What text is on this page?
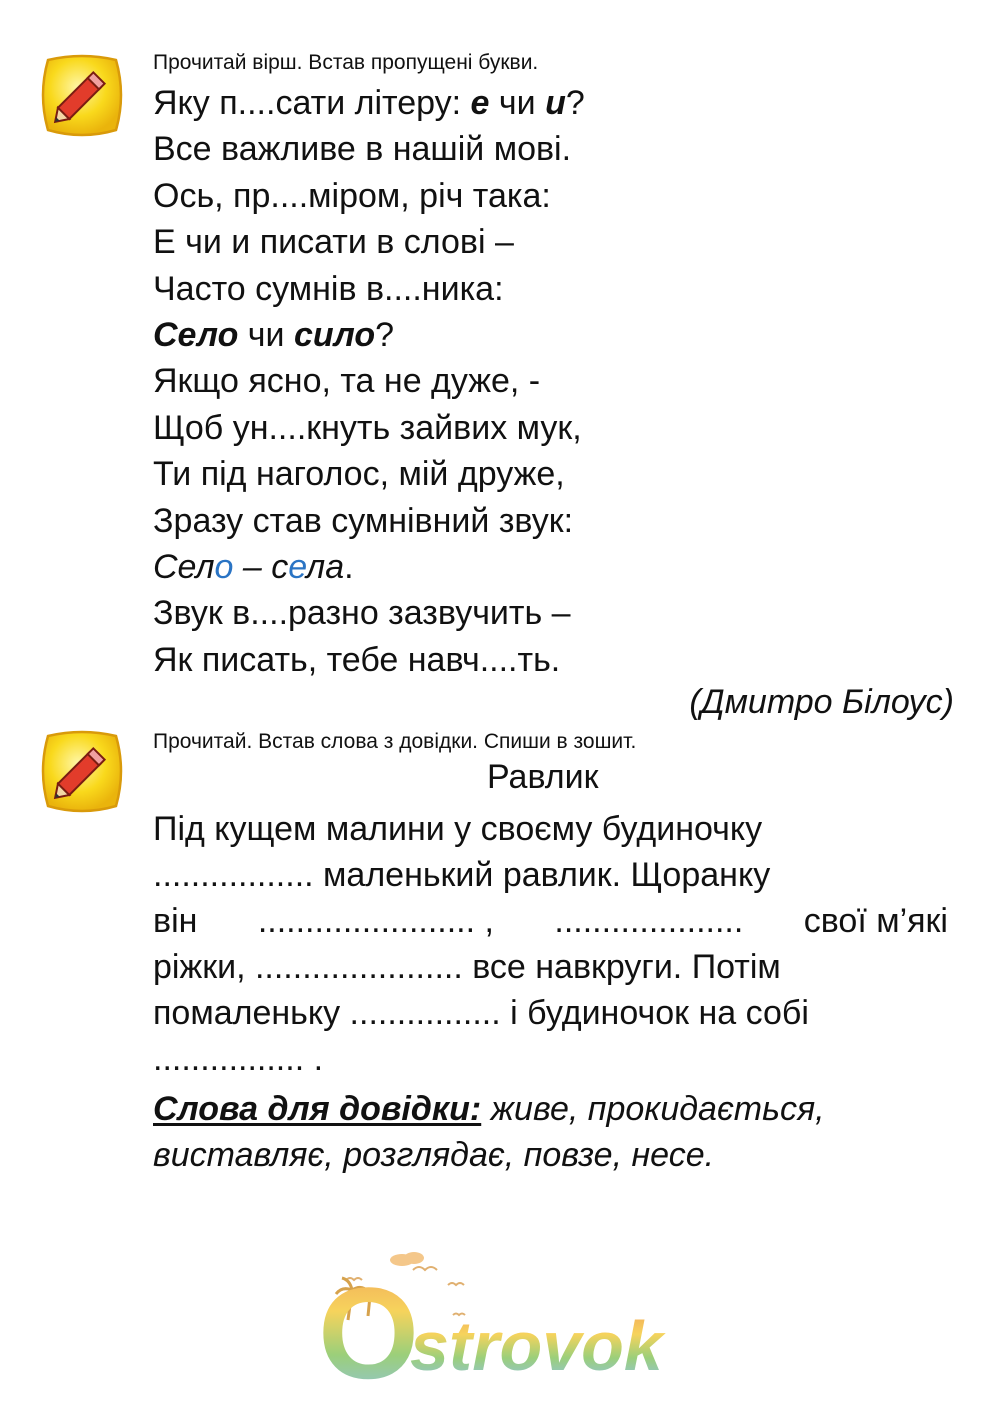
Прочитай вірш. Встав пропущені букви.
Яку п....сати літеру: е чи и?
Все важливе в нашій мові.
Ось, пр....міром, річ така:
Е чи и писати в слові –
Часто сумнів в....ника:
Село чи сило?
Якщо ясно, та не дуже, -
Щоб ун....кнуть зайвих мук,
Ти під наголос, мій друже,
Зразу став сумнівний звук:
Село – села.
Звук в....разно зазвучить –
Як писать, тебе навч....ть.
(Дмитро Білоус)
Прочитай. Встав слова з довідки. Спиши в зошит.
Равлик
Під кущем малини у своєму будиночку
................. маленький равлик. Щоранку
він ....................... , .................... свої м’які
ріжки, ...................... все навкруги. Потім
помаленьку ................ і будиночок на собі
................ .
Слова для довідки: живе, прокидається,
виставляє, розглядає, повзе, несе.
O
strovok
